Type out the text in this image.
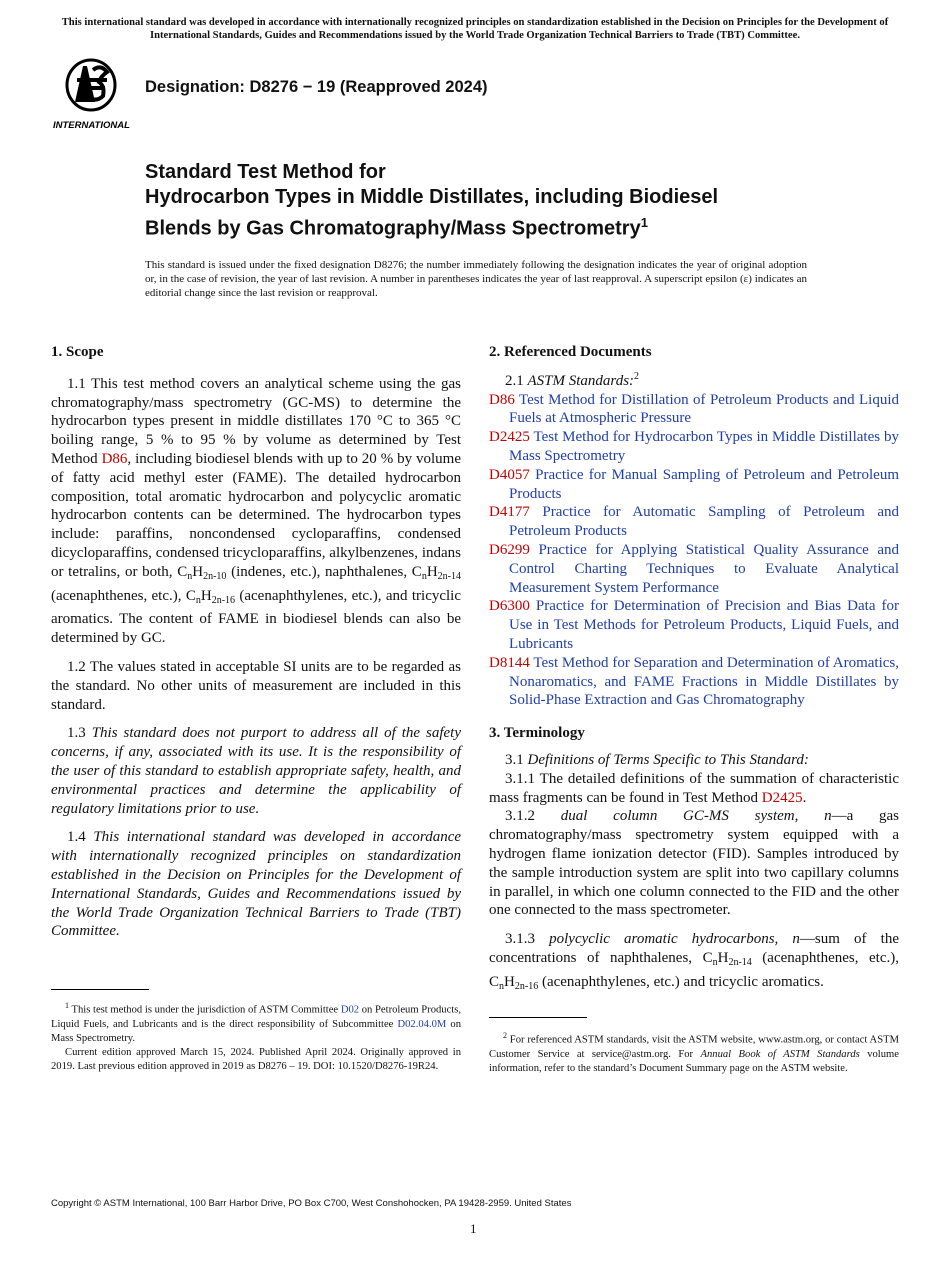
This international standard was developed in accordance with internationally recognized principles on standardization established in the Decision on Principles for the Development of International Standards, Guides and Recommendations issued by the World Trade Organization Technical Barriers to Trade (TBT) Committee.
INTERNATIONAL
Designation: D8276 − 19 (Reapproved 2024)
Standard Test Method for
Hydrocarbon Types in Middle Distillates, including Biodiesel
Blends by Gas Chromatography/Mass Spectrometry$^1$
This standard is issued under the fixed designation D8276; the number immediately following the designation indicates the year of original adoption or, in the case of revision, the year of last revision. A number in parentheses indicates the year of last reapproval. A superscript epsilon (ε) indicates an editorial change since the last revision or reapproval.
1. Scope

1.1 This test method covers an analytical scheme using the gas chromatography/mass spectrometry (GC-MS) to determine the hydrocarbon types present in middle distillates 170 °C to 365 °C boiling range, 5 % to 95 % by volume as determined by Test Method D86, including biodiesel blends with up to 20 % by volume of fatty acid methyl ester (FAME). The detailed hydrocarbon composition, total aromatic hydrocarbon and polycyclic aromatic hydrocarbon contents can be determined. The hydrocarbon types include: paraffins, noncondensed cycloparaffins, condensed dicycloparaffins, condensed tricycloparaffins, alkylbenzenes, indans or tetralins, or both, $C_nH_{2n-10}$ (indenes, etc.), naphthalenes, $C_nH_{2n-14}$ (acenaphthenes, etc.), $C_nH_{2n-16}$ (acenaphthylenes, etc.), and tricyclic aromatics. The content of FAME in biodiesel blends can also be determined by GC.

1.2 The values stated in acceptable SI units are to be regarded as the standard. No other units of measurement are included in this standard.

1.3 This standard does not purport to address all of the safety concerns, if any, associated with its use. It is the responsibility of the user of this standard to establish appropriate safety, health, and environmental practices and determine the applicability of regulatory limitations prior to use.

1.4 This international standard was developed in accordance with internationally recognized principles on standardization established in the Decision on Principles for the Development of International Standards, Guides and Recommendations issued by the World Trade Organization Technical Barriers to Trade (TBT) Committee.

$^1$ This test method is under the jurisdiction of ASTM Committee D02 on Petroleum Products, Liquid Fuels, and Lubricants and is the direct responsibility of Subcommittee D02.04.0M on Mass Spectrometry.

Current edition approved March 15, 2024. Published April 2024. Originally approved in 2019. Last previous edition approved in 2019 as D8276 – 19. DOI: 10.1520/D8276-19R24.

2. Referenced Documents
2.1 ASTM Standards:$^2$
D86 Test Method for Distillation of Petroleum Products and Liquid Fuels at Atmospheric Pressure
D2425 Test Method for Hydrocarbon Types in Middle Distillates by Mass Spectrometry
D4057 Practice for Manual Sampling of Petroleum and Petroleum Products
D4177 Practice for Automatic Sampling of Petroleum and Petroleum Products
D6299 Practice for Applying Statistical Quality Assurance and Control Charting Techniques to Evaluate Analytical Measurement System Performance
D6300 Practice for Determination of Precision and Bias Data for Use in Test Methods for Petroleum Products, Liquid Fuels, and Lubricants
D8144 Test Method for Separation and Determination of Aromatics, Nonaromatics, and FAME Fractions in Middle Distillates by Solid-Phase Extraction and Gas Chromatography
3. Terminology

3.1 Definitions of Terms Specific to This Standard:

3.1.1 The detailed definitions of the summation of characteristic mass fragments can be found in Test Method D2425.

3.1.2 dual column GC-MS system, n—a gas chromatography/mass spectrometry system equipped with a hydrogen flame ionization detector (FID). Samples introduced by the sample introduction system are split into two capillary columns in parallel, in which one column connected to the FID and the other one connected to the mass spectrometer.

3.1.3 polycyclic aromatic hydrocarbons, n—sum of the concentrations of naphthalenes, $C_nH_{2n-14}$ (acenaphthenes, etc.), $C_nH_{2n-16}$ (acenaphthylenes, etc.) and tricyclic aromatics.

$^2$ For referenced ASTM standards, visit the ASTM website, www.astm.org, or contact ASTM Customer Service at service@astm.org. For Annual Book of ASTM Standards volume information, refer to the standard’s Document Summary page on the ASTM website.

Copyright © ASTM International, 100 Barr Harbor Drive, PO Box C700, West Conshohocken, PA 19428-2959. United States
1
